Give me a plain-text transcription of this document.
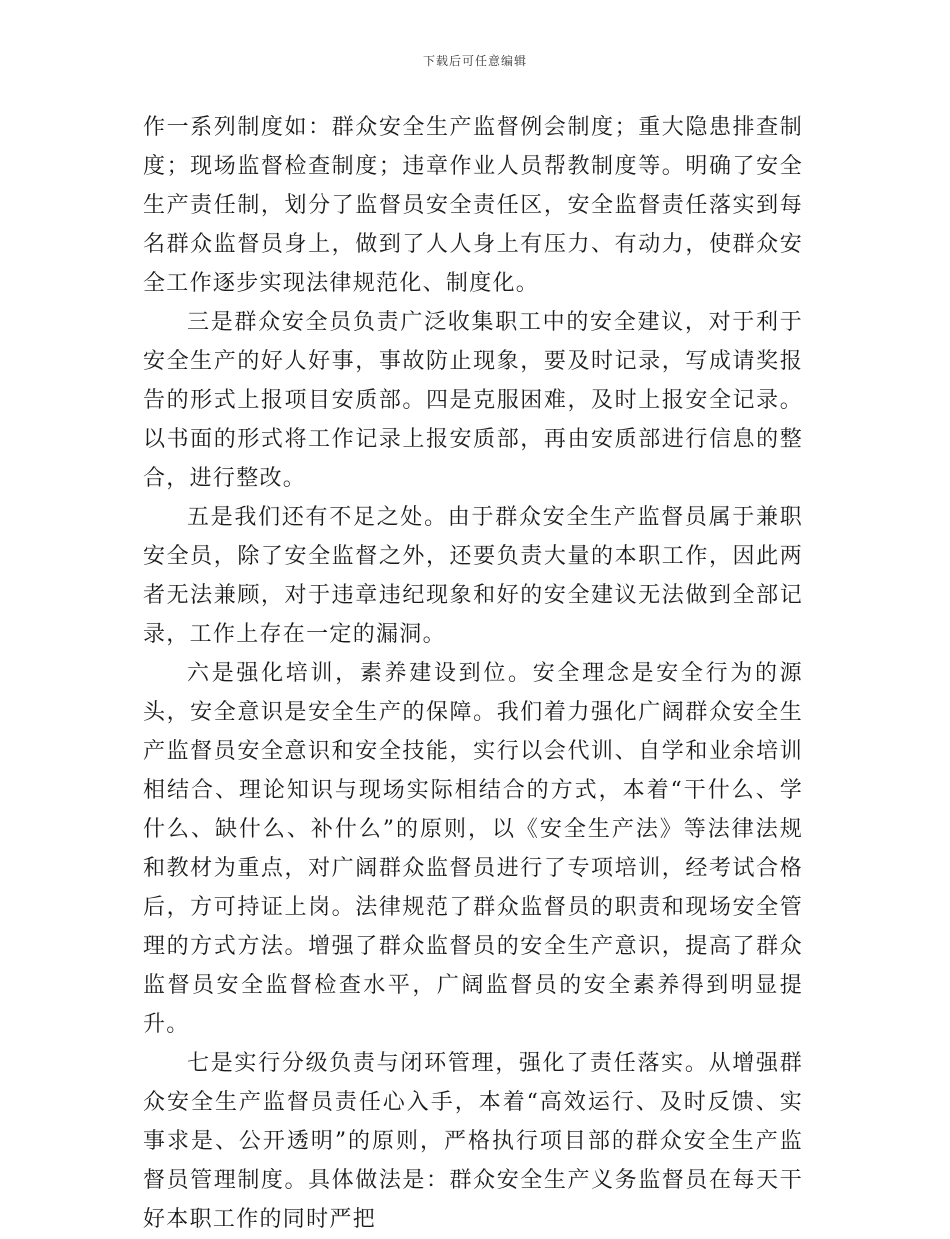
下载后可任意编辑

作一系列制度如：群众安全生产监督例会制度；重大隐患排查制度；现场监督检查制度；违章作业人员帮教制度等。明确了安全生产责任制，划分了监督员安全责任区，安全监督责任落实到每名群众监督员身上，做到了人人身上有压力、有动力，使群众安全工作逐步实现法律规范化、制度化。

三是群众安全员负责广泛收集职工中的安全建议，对于利于安全生产的好人好事，事故防止现象，要及时记录，写成请奖报告的形式上报项目安质部。四是克服困难，及时上报安全记录。以书面的形式将工作记录上报安质部，再由安质部进行信息的整合，进行整改。

五是我们还有不足之处。由于群众安全生产监督员属于兼职安全员，除了安全监督之外，还要负责大量的本职工作，因此两者无法兼顾，对于违章违纪现象和好的安全建议无法做到全部记录，工作上存在一定的漏洞。

六是强化培训，素养建设到位。安全理念是安全行为的源头，安全意识是安全生产的保障。我们着力强化广阔群众安全生产监督员安全意识和安全技能，实行以会代训、自学和业余培训相结合、理论知识与现场实际相结合的方式，本着“干什么、学什么、缺什么、补什么”的原则，以《安全生产法》等法律法规和教材为重点，对广阔群众监督员进行了专项培训，经考试合格后，方可持证上岗。法律规范了群众监督员的职责和现场安全管理的方式方法。增强了群众监督员的安全生产意识，提高了群众监督员安全监督检查水平，广阔监督员的安全素养得到明显提升。

七是实行分级负责与闭环管理，强化了责任落实。从增强群众安全生产监督员责任心入手，本着“高效运行、及时反馈、实事求是、公开透明”的原则，严格执行项目部的群众安全生产监督员管理制度。具体做法是：群众安全生产义务监督员在每天干好本职工作的同时严把
